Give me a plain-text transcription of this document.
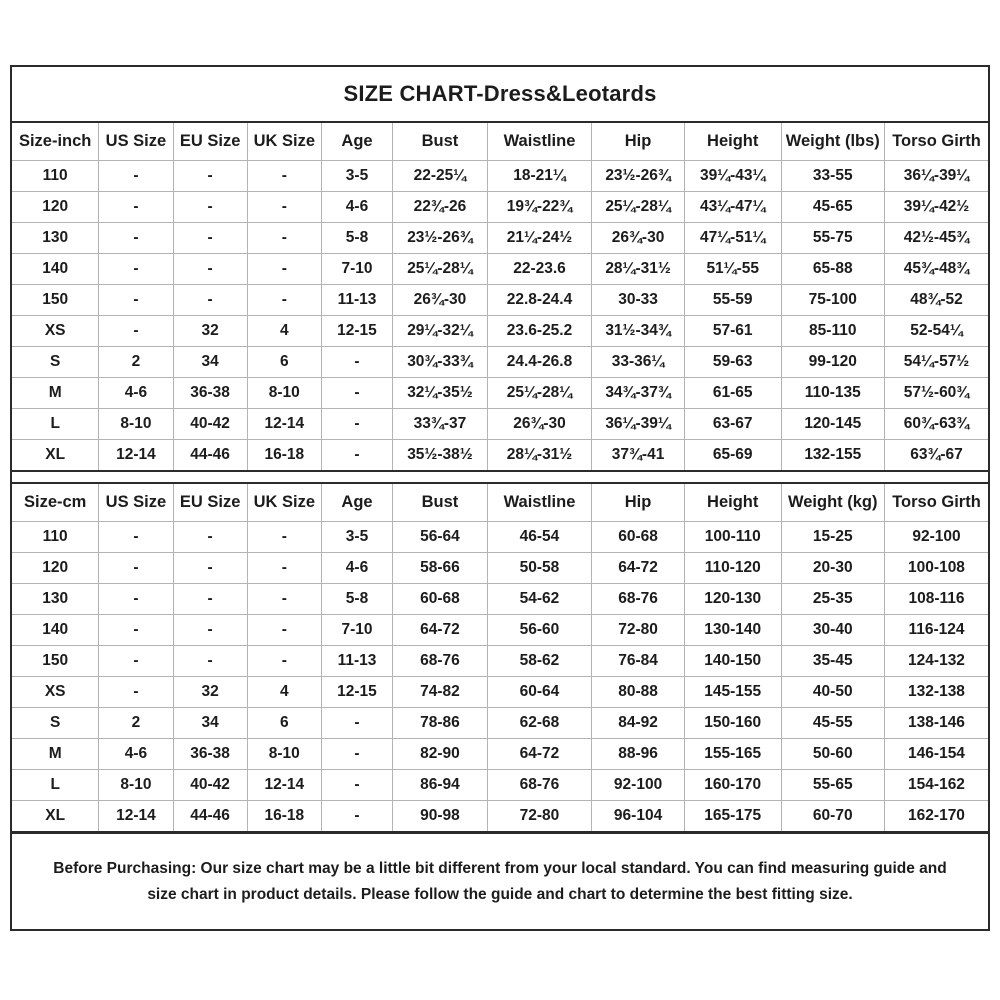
SIZE CHART-Dress&Leotards
Size-inch	US Size	EU Size	UK Size	Age	Bust	Waistline	Hip	Height	Weight (lbs)	Torso Girth
110	-	-	-	3-5	22-25¼	18-21¼	23½-26¾	39¼-43¼	33-55	36¼-39¼
120	-	-	-	4-6	22¾-26	19¾-22¾	25¼-28¼	43¼-47¼	45-65	39¼-42½
130	-	-	-	5-8	23½-26¾	21¼-24½	26¾-30	47¼-51¼	55-75	42½-45¾
140	-	-	-	7-10	25¼-28¼	22-23.6	28¼-31½	51¼-55	65-88	45¾-48¾
150	-	-	-	11-13	26¾-30	22.8-24.4	30-33	55-59	75-100	48¾-52
XS	-	32	4	12-15	29¼-32¼	23.6-25.2	31½-34¾	57-61	85-110	52-54¼
S	2	34	6	-	30¾-33¾	24.4-26.8	33-36¼	59-63	99-120	54¼-57½
M	4-6	36-38	8-10	-	32¼-35½	25¼-28¼	34¾-37¾	61-65	110-135	57½-60¾
L	8-10	40-42	12-14	-	33¾-37	26¾-30	36¼-39¼	63-67	120-145	60¾-63¾
XL	12-14	44-46	16-18	-	35½-38½	28¼-31½	37¾-41	65-69	132-155	63¾-67
Size-cm	US Size	EU Size	UK Size	Age	Bust	Waistline	Hip	Height	Weight (kg)	Torso Girth
110	-	-	-	3-5	56-64	46-54	60-68	100-110	15-25	92-100
120	-	-	-	4-6	58-66	50-58	64-72	110-120	20-30	100-108
130	-	-	-	5-8	60-68	54-62	68-76	120-130	25-35	108-116
140	-	-	-	7-10	64-72	56-60	72-80	130-140	30-40	116-124
150	-	-	-	11-13	68-76	58-62	76-84	140-150	35-45	124-132
XS	-	32	4	12-15	74-82	60-64	80-88	145-155	40-50	132-138
S	2	34	6	-	78-86	62-68	84-92	150-160	45-55	138-146
M	4-6	36-38	8-10	-	82-90	64-72	88-96	155-165	50-60	146-154
L	8-10	40-42	12-14	-	86-94	68-76	92-100	160-170	55-65	154-162
XL	12-14	44-46	16-18	-	90-98	72-80	96-104	165-175	60-70	162-170
Before Purchasing: Our size chart may be a little bit different from your local standard. You can find measuring guide and
size chart in product details. Please follow the guide and chart to determine the best fitting size.
